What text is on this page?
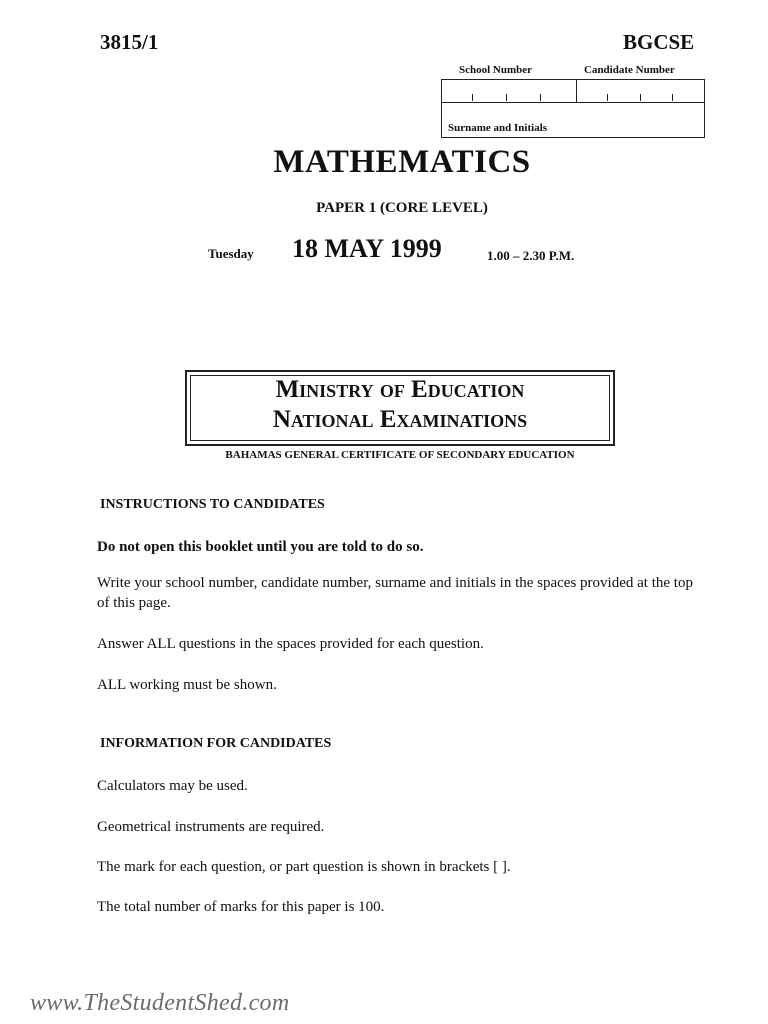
3815/1	BGCSE
School Number	Candidate Number
Surname and Initials
MATHEMATICS
PAPER 1 (CORE LEVEL)
Tuesday 18 MAY 1999	1.00 – 2.30 P.M.
Ministry of Education
National Examinations
BAHAMAS GENERAL CERTIFICATE OF SECONDARY EDUCATION
INSTRUCTIONS TO CANDIDATES
Do not open this booklet until you are told to do so.
Write your school number, candidate number, surname and initials in the spaces provided at the top of this page.
Answer ALL questions in the spaces provided for each question.
ALL working must be shown.
INFORMATION FOR CANDIDATES
Calculators may be used.
Geometrical instruments are required.
The mark for each question, or part question is shown in brackets [ ].
The total number of marks for this paper is 100.
www.TheStudentShed.com
